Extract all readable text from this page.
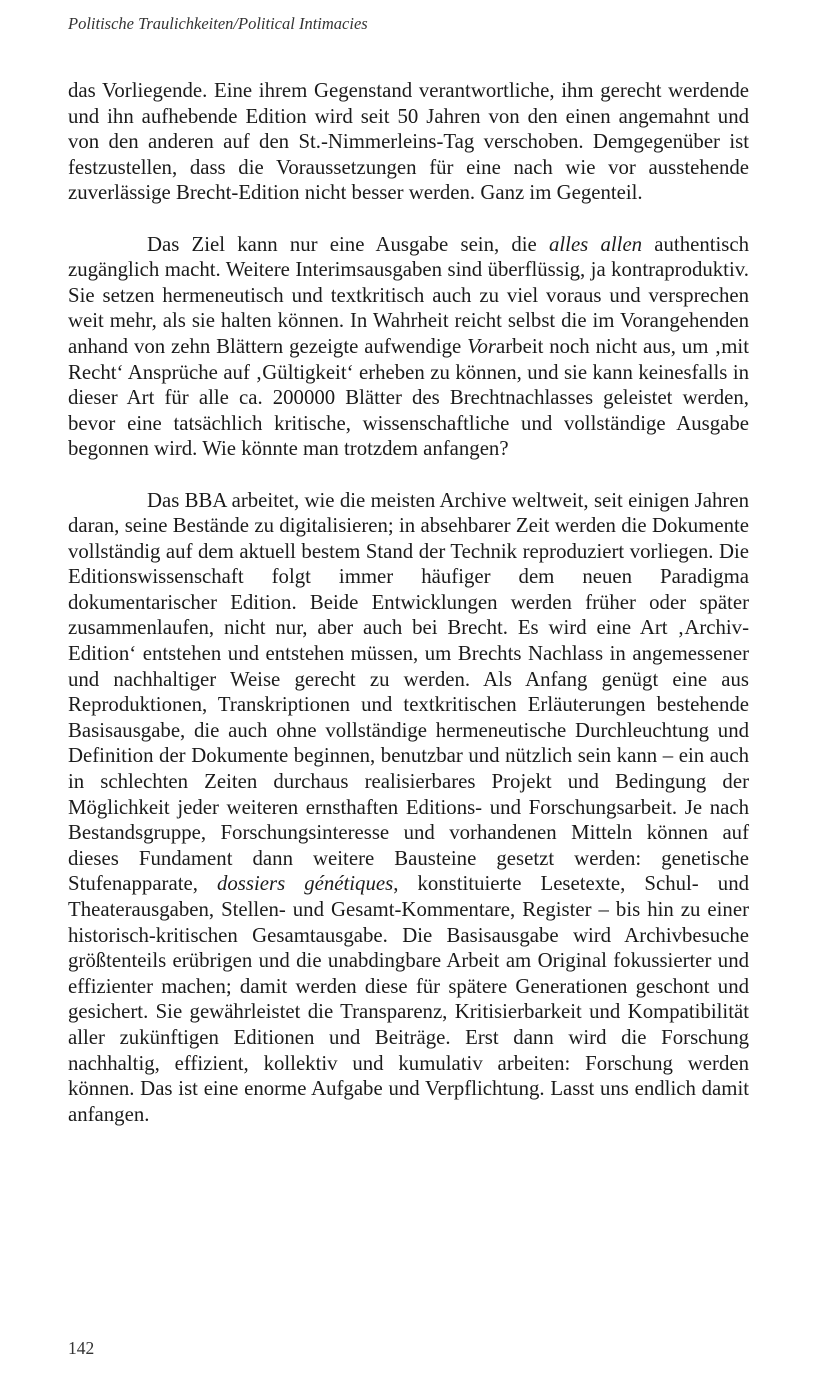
Politische Traulichkeiten/Political Intimacies

das Vorliegende. Eine ihrem Gegenstand verantwortliche, ihm gerecht werdende und ihn aufhebende Edition wird seit 50 Jahren von den einen angemahnt und von den anderen auf den St.-Nimmerleins-Tag verschoben. Demgegenüber ist festzustellen, dass die Voraussetzungen für eine nach wie vor ausstehende zuverlässige Brecht-Edition nicht besser werden. Ganz im Gegenteil.

Das Ziel kann nur eine Ausgabe sein, die alles allen authentisch zugänglich macht. Weitere Interimsausgaben sind überflüssig, ja kontraproduktiv. Sie setzen hermeneutisch und textkritisch auch zu viel voraus und versprechen weit mehr, als sie halten können. In Wahrheit reicht selbst die im Vorangehenden anhand von zehn Blättern gezeigte aufwendige Vorarbeit noch nicht aus, um ‚mit Recht‘ Ansprüche auf ‚Gültigkeit‘ erheben zu können, und sie kann keinesfalls in dieser Art für alle ca. 200000 Blätter des Brechtnachlasses geleistet werden, bevor eine tatsächlich kritische, wissenschaftliche und vollständige Ausgabe begonnen wird. Wie könnte man trotzdem anfangen?

Das BBA arbeitet, wie die meisten Archive weltweit, seit einigen Jahren daran, seine Bestände zu digitalisieren; in absehbarer Zeit werden die Dokumente vollständig auf dem aktuell bestem Stand der Technik reproduziert vorliegen. Die Editionswissenschaft folgt immer häufiger dem neuen Paradigma dokumentarischer Edition. Beide Entwicklungen werden früher oder später zusammenlaufen, nicht nur, aber auch bei Brecht. Es wird eine Art ‚Archiv-Edition‘ entstehen und entstehen müssen, um Brechts Nachlass in angemessener und nachhaltiger Weise gerecht zu werden. Als Anfang genügt eine aus Reproduktionen, Transkriptionen und textkritischen Erläuterungen bestehende Basisausgabe, die auch ohne vollständige hermeneutische Durchleuchtung und Definition der Dokumente beginnen, benutzbar und nützlich sein kann – ein auch in schlechten Zeiten durchaus realisierbares Projekt und Bedingung der Möglichkeit jeder weiteren ernsthaften Editions- und Forschungsarbeit. Je nach Bestandsgruppe, Forschungsinteresse und vorhandenen Mitteln können auf dieses Fundament dann weitere Bausteine gesetzt werden: genetische Stufenapparate, dossiers génétiques, konstituierte Lesetexte, Schul- und Theaterausgaben, Stellen- und Gesamt-Kommentare, Register – bis hin zu einer historisch-kritischen Gesamtausgabe. Die Basisausgabe wird Archivbesuche größtenteils erübrigen und die unabdingbare Arbeit am Original fokussierter und effizienter machen; damit werden diese für spätere Generationen geschont und gesichert. Sie gewährleistet die Transparenz, Kritisierbarkeit und Kompatibilität aller zukünftigen Editionen und Beiträge. Erst dann wird die Forschung nachhaltig, effizient, kollektiv und kumulativ arbeiten: Forschung werden können. Das ist eine enorme Aufgabe und Verpflichtung. Lasst uns endlich damit anfangen.

142
